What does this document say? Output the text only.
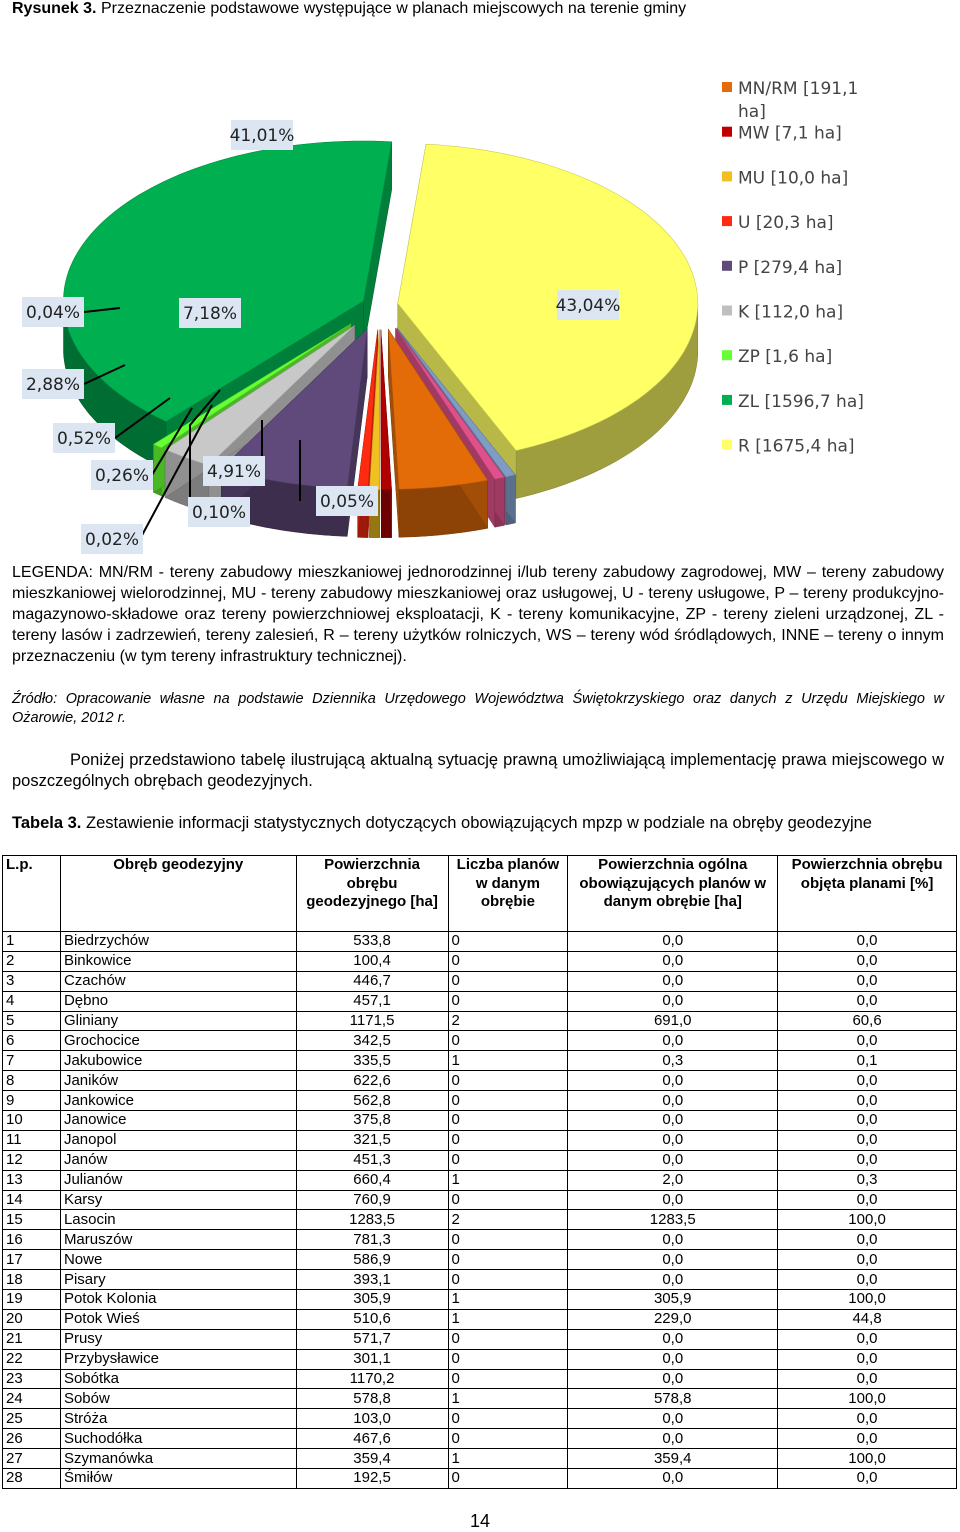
Rysunek 3. Przeznaczenie podstawowe występujące w planach miejscowych na terenie gminy
43,04%
0,05%
0,10%
4,91%
0,02%
0,26%
0,52%
7,18%
2,88%
0,04%
41,01%
MN/RM [191,1
ha]
MW [7,1 ha]
MU [10,0 ha]
U [20,3 ha]
P [279,4 ha]
K [112,0 ha]
ZP [1,6 ha]
ZL [1596,7 ha]
R [1675,4 ha]
LEGENDA: MN/RM - tereny zabudowy mieszkaniowej jednorodzinnej i/lub tereny zabudowy zagrodowej, MW – tereny zabudowy mieszkaniowej wielorodzinnej, MU - tereny zabudowy mieszkaniowej oraz usługowej, U - tereny usługowe, P – tereny produkcyjno-magazynowo-składowe oraz tereny powierzchniowej eksploatacji, K - tereny komunikacyjne, ZP - tereny zieleni urządzonej, ZL -tereny lasów i zadrzewień, tereny zalesień, R – tereny użytków rolniczych, WS – tereny wód śródlądowych, INNE – tereny o innym przeznaczeniu (w tym tereny infrastruktury technicznej).
Źródło: Opracowanie własne na podstawie Dziennika Urzędowego Województwa Świętokrzyskiego oraz danych z Urzędu Miejskiego w Ożarowie, 2012 r.
Poniżej przedstawiono tabelę ilustrującą aktualną sytuację prawną umożliwiającą implementację prawa miejscowego w poszczególnych obrębach geodezyjnych.
Tabela 3. Zestawienie informacji statystycznych dotyczących obowiązujących mpzp w podziale na obręby geodezyjne
L.p.	Obręb geodezyjny	Powierzchnia obrębu geodezyjnego [ha]	Liczba planów w danym obrębie	Powierzchnia ogólna obowiązujących planów w danym obrębie [ha]	Powierzchnia obrębu objęta planami [%]
1	Biedrzychów	533,8	0	0,0	0,0
2	Binkowice	100,4	0	0,0	0,0
3	Czachów	446,7	0	0,0	0,0
4	Dębno	457,1	0	0,0	0,0
5	Gliniany	1171,5	2	691,0	60,6
6	Grochocice	342,5	0	0,0	0,0
7	Jakubowice	335,5	1	0,3	0,1
8	Janików	622,6	0	0,0	0,0
9	Jankowice	562,8	0	0,0	0,0
10	Janowice	375,8	0	0,0	0,0
11	Janopol	321,5	0	0,0	0,0
12	Janów	451,3	0	0,0	0,0
13	Julianów	660,4	1	2,0	0,3
14	Karsy	760,9	0	0,0	0,0
15	Lasocin	1283,5	2	1283,5	100,0
16	Maruszów	781,3	0	0,0	0,0
17	Nowe	586,9	0	0,0	0,0
18	Pisary	393,1	0	0,0	0,0
19	Potok Kolonia	305,9	1	305,9	100,0
20	Potok Wieś	510,6	1	229,0	44,8
21	Prusy	571,7	0	0,0	0,0
22	Przybysławice	301,1	0	0,0	0,0
23	Sobótka	1170,2	0	0,0	0,0
24	Sobów	578,8	1	578,8	100,0
25	Stróża	103,0	0	0,0	0,0
26	Suchodółka	467,6	0	0,0	0,0
27	Szymanówka	359,4	1	359,4	100,0
28	Śmiłów	192,5	0	0,0	0,0
14
